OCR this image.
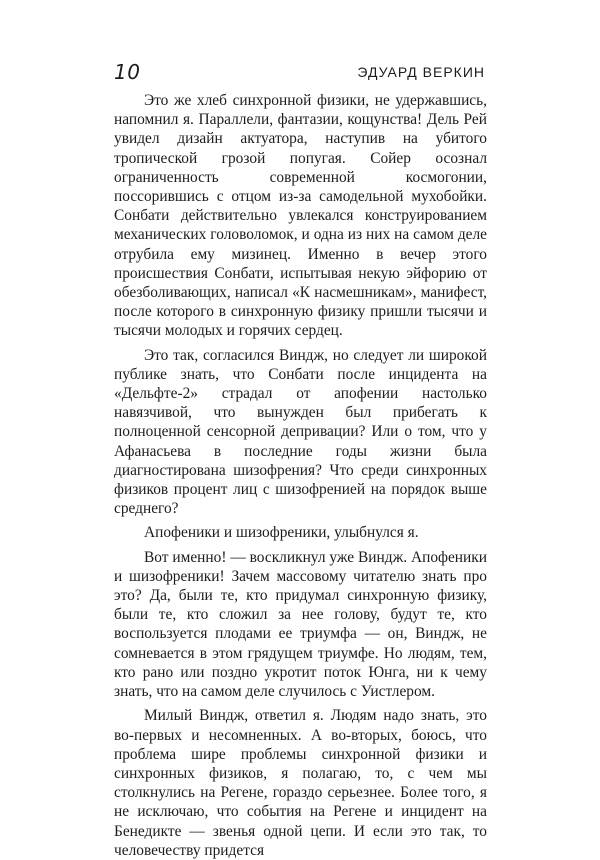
10	ЭДУАРД ВЕРКИН

Это же хлеб синхронной физики, не удержавшись, напомнил я. Параллели, фантазии, кощунства! Дель Рей увидел дизайн актуатора, наступив на убитого тропической грозой попугая. Сойер осознал ограниченность современной космогонии, поссорившись с отцом из-за самодельной мухобойки. Сонбати действительно увлекался конструированием механических головоломок, и одна из них на самом деле отрубила ему мизинец. Именно в вечер этого происшествия Сонбати, испытывая некую эйфорию от обезболивающих, написал «К насмешникам», манифест, после которого в синхронную физику пришли тысячи и тысячи молодых и горячих сердец.

Это так, согласился Виндж, но следует ли широкой публике знать, что Сонбати после инцидента на «Дельфте-2» страдал от апофении настолько навязчивой, что вынужден был прибегать к полноценной сенсорной депривации? Или о том, что у Афанасьева в последние годы жизни была диагностирована шизофрения? Что среди синхронных физиков процент лиц с шизофренией на порядок выше среднего?

Апофеники и шизофреники, улыбнулся я.

Вот именно! — воскликнул уже Виндж. Апофеники и шизофреники! Зачем массовому читателю знать про это? Да, были те, кто придумал синхронную физику, были те, кто сложил за нее голову, будут те, кто воспользуется плодами ее триумфа — он, Виндж, не сомневается в этом грядущем триумфе. Но людям, тем, кто рано или поздно укротит поток Юнга, ни к чему знать, что на самом деле случилось с Уистлером.

Милый Виндж, ответил я. Людям надо знать, это во-первых и несомненных. А во-вторых, боюсь, что проблема шире проблемы синхронной физики и синхронных физиков, я полагаю, то, с чем мы столкнулись на Регене, гораздо серьезнее. Более того, я не исключаю, что события на Регене и инцидент на Бенедикте — звенья одной цепи. И если это так, то человечеству придется
